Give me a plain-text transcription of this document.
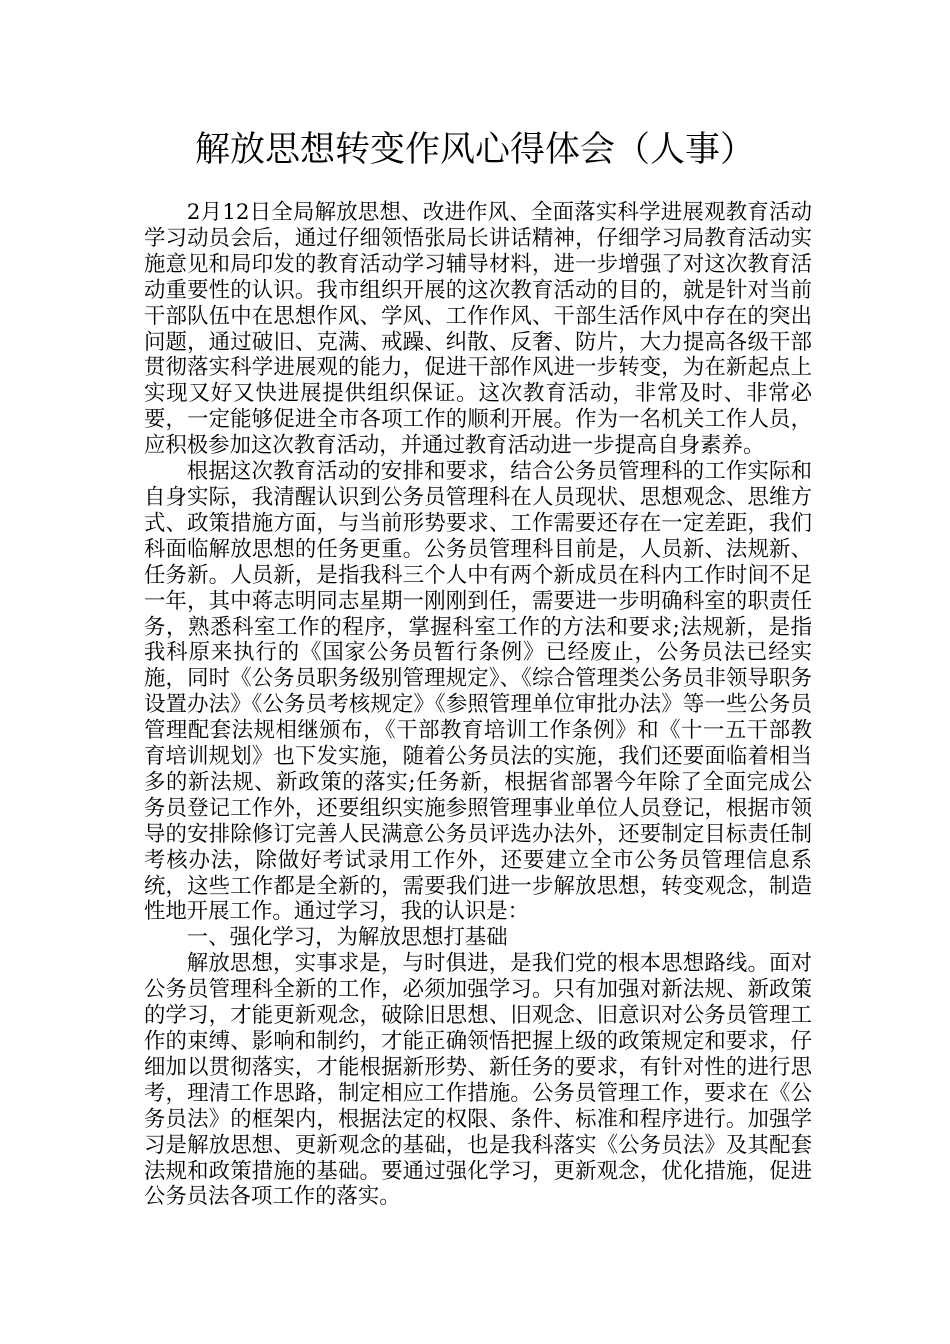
解放思想转变作风心得体会（人事）

2月12日全局解放思想、改进作风、全面落实科学进展观教育活动学习动员会后，通过仔细领悟张局长讲话精神，仔细学习局教育活动实施意见和局印发的教育活动学习辅导材料，进一步增强了对这次教育活动重要性的认识。我市组织开展的这次教育活动的目的，就是针对当前干部队伍中在思想作风、学风、工作作风、干部生活作风中存在的突出问题，通过破旧、克满、戒躁、纠散、反奢、防片，大力提高各级干部贯彻落实科学进展观的能力，促进干部作风进一步转变，为在新起点上实现又好又快进展提供组织保证。这次教育活动，非常及时、非常必要，一定能够促进全市各项工作的顺利开展。作为一名机关工作人员，应积极参加这次教育活动，并通过教育活动进一步提高自身素养。

根据这次教育活动的安排和要求，结合公务员管理科的工作实际和自身实际，我清醒认识到公务员管理科在人员现状、思想观念、思维方式、政策措施方面，与当前形势要求、工作需要还存在一定差距，我们科面临解放思想的任务更重。公务员管理科目前是，人员新、法规新、任务新。人员新，是指我科三个人中有两个新成员在科内工作时间不足一年，其中蒋志明同志星期一刚刚到任，需要进一步明确科室的职责任务，熟悉科室工作的程序，掌握科室工作的方法和要求;法规新，是指我科原来执行的《国家公务员暂行条例》已经废止，公务员法已经实施，同时《公务员职务级别管理规定》、《综合管理类公务员非领导职务设置办法》《公务员考核规定》《参照管理单位审批办法》等一些公务员管理配套法规相继颁布，《干部教育培训工作条例》和《十一五干部教育培训规划》也下发实施，随着公务员法的实施，我们还要面临着相当多的新法规、新政策的落实;任务新，根据省部署今年除了全面完成公务员登记工作外，还要组织实施参照管理事业单位人员登记，根据市领导的安排除修订完善人民满意公务员评选办法外，还要制定目标责任制考核办法，除做好考试录用工作外，还要建立全市公务员管理信息系统，这些工作都是全新的，需要我们进一步解放思想，转变观念，制造性地开展工作。通过学习，我的认识是：

一、强化学习，为解放思想打基础

解放思想，实事求是，与时俱进，是我们党的根本思想路线。面对公务员管理科全新的工作，必须加强学习。只有加强对新法规、新政策的学习，才能更新观念，破除旧思想、旧观念、旧意识对公务员管理工作的束缚、影响和制约，才能正确领悟把握上级的政策规定和要求，仔细加以贯彻落实，才能根据新形势、新任务的要求，有针对性的进行思考，理清工作思路，制定相应工作措施。公务员管理工作，要求在《公务员法》的框架内，根据法定的权限、条件、标准和程序进行。加强学习是解放思想、更新观念的基础，也是我科落实《公务员法》及其配套法规和政策措施的基础。要通过强化学习，更新观念，优化措施，促进公务员法各项工作的落实。
